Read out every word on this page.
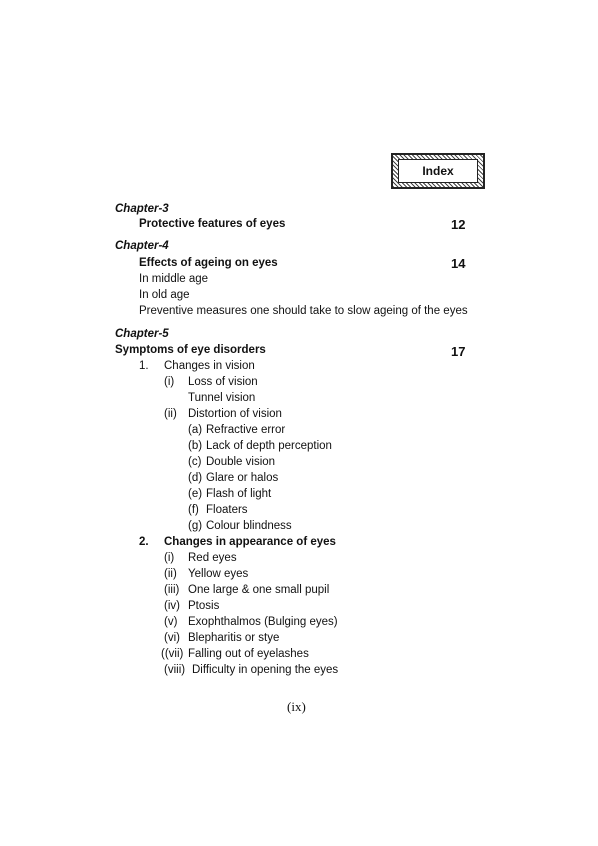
Index
Chapter-3
Protective features of eyes	12
Chapter-4
Effects of ageing on eyes	14
In middle age
In old age
Preventive measures one should take to slow ageing of the eyes
Chapter-5
Symptoms of eye disorders	17
1. Changes in vision
(i) Loss of vision
Tunnel vision
(ii) Distortion of vision
(a) Refractive error
(b) Lack of depth perception
(c) Double vision
(d) Glare or halos
(e) Flash of light
(f) Floaters
(g) Colour blindness
2. Changes in appearance of eyes
(i) Red eyes
(ii) Yellow eyes
(iii) One large & one small pupil
(iv) Ptosis
(v) Exophthalmos (Bulging eyes)
(vi) Blepharitis or stye
((vii) Falling out of eyelashes
(viii) Difficulty in opening the eyes
(ix)
